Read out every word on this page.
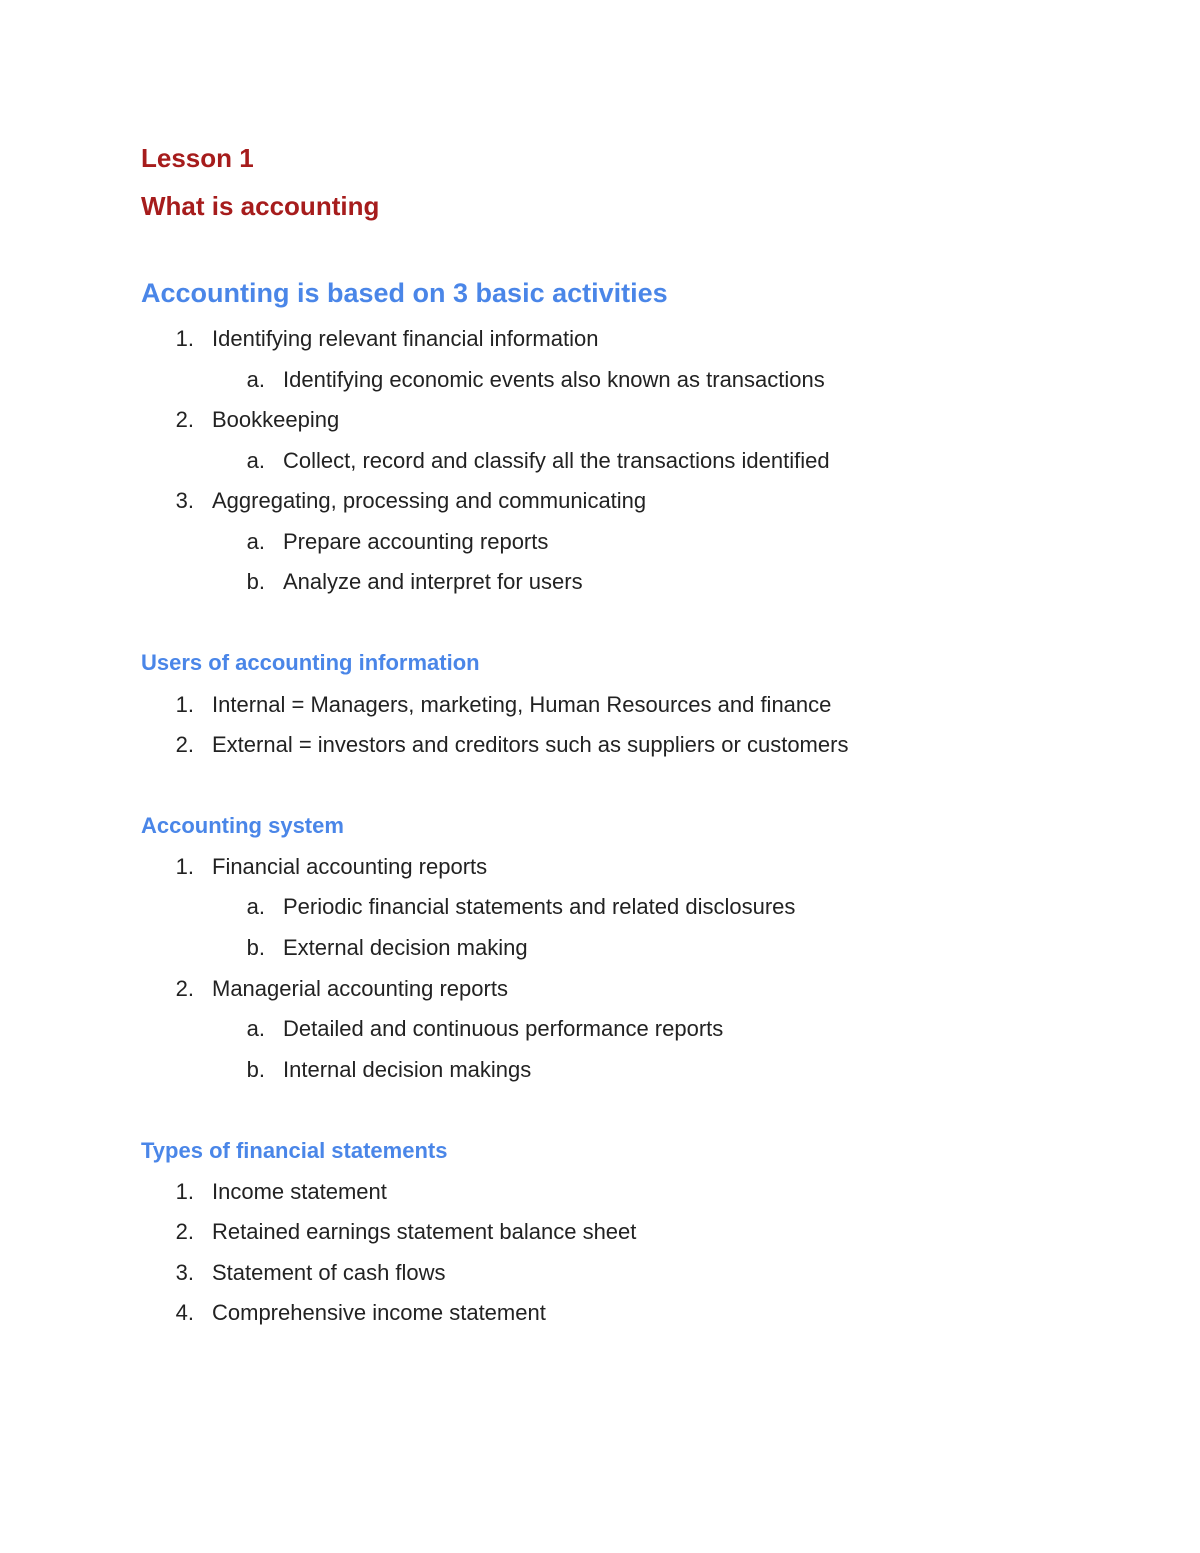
Lesson 1
What is accounting
Accounting is based on 3 basic activities
1. Identifying relevant financial information
a. Identifying economic events also known as transactions
2. Bookkeeping
a. Collect, record and classify all the transactions identified
3. Aggregating, processing and communicating
a. Prepare accounting reports
b. Analyze and interpret for users
Users of accounting information
1. Internal = Managers, marketing, Human Resources and finance
2. External = investors and creditors such as suppliers or customers
Accounting system
1. Financial accounting reports
a. Periodic financial statements and related disclosures
b. External decision making
2. Managerial accounting reports
a. Detailed and continuous performance reports
b. Internal decision makings
Types of financial statements
1. Income statement
2. Retained earnings statement balance sheet
3. Statement of cash flows
4. Comprehensive income statement
